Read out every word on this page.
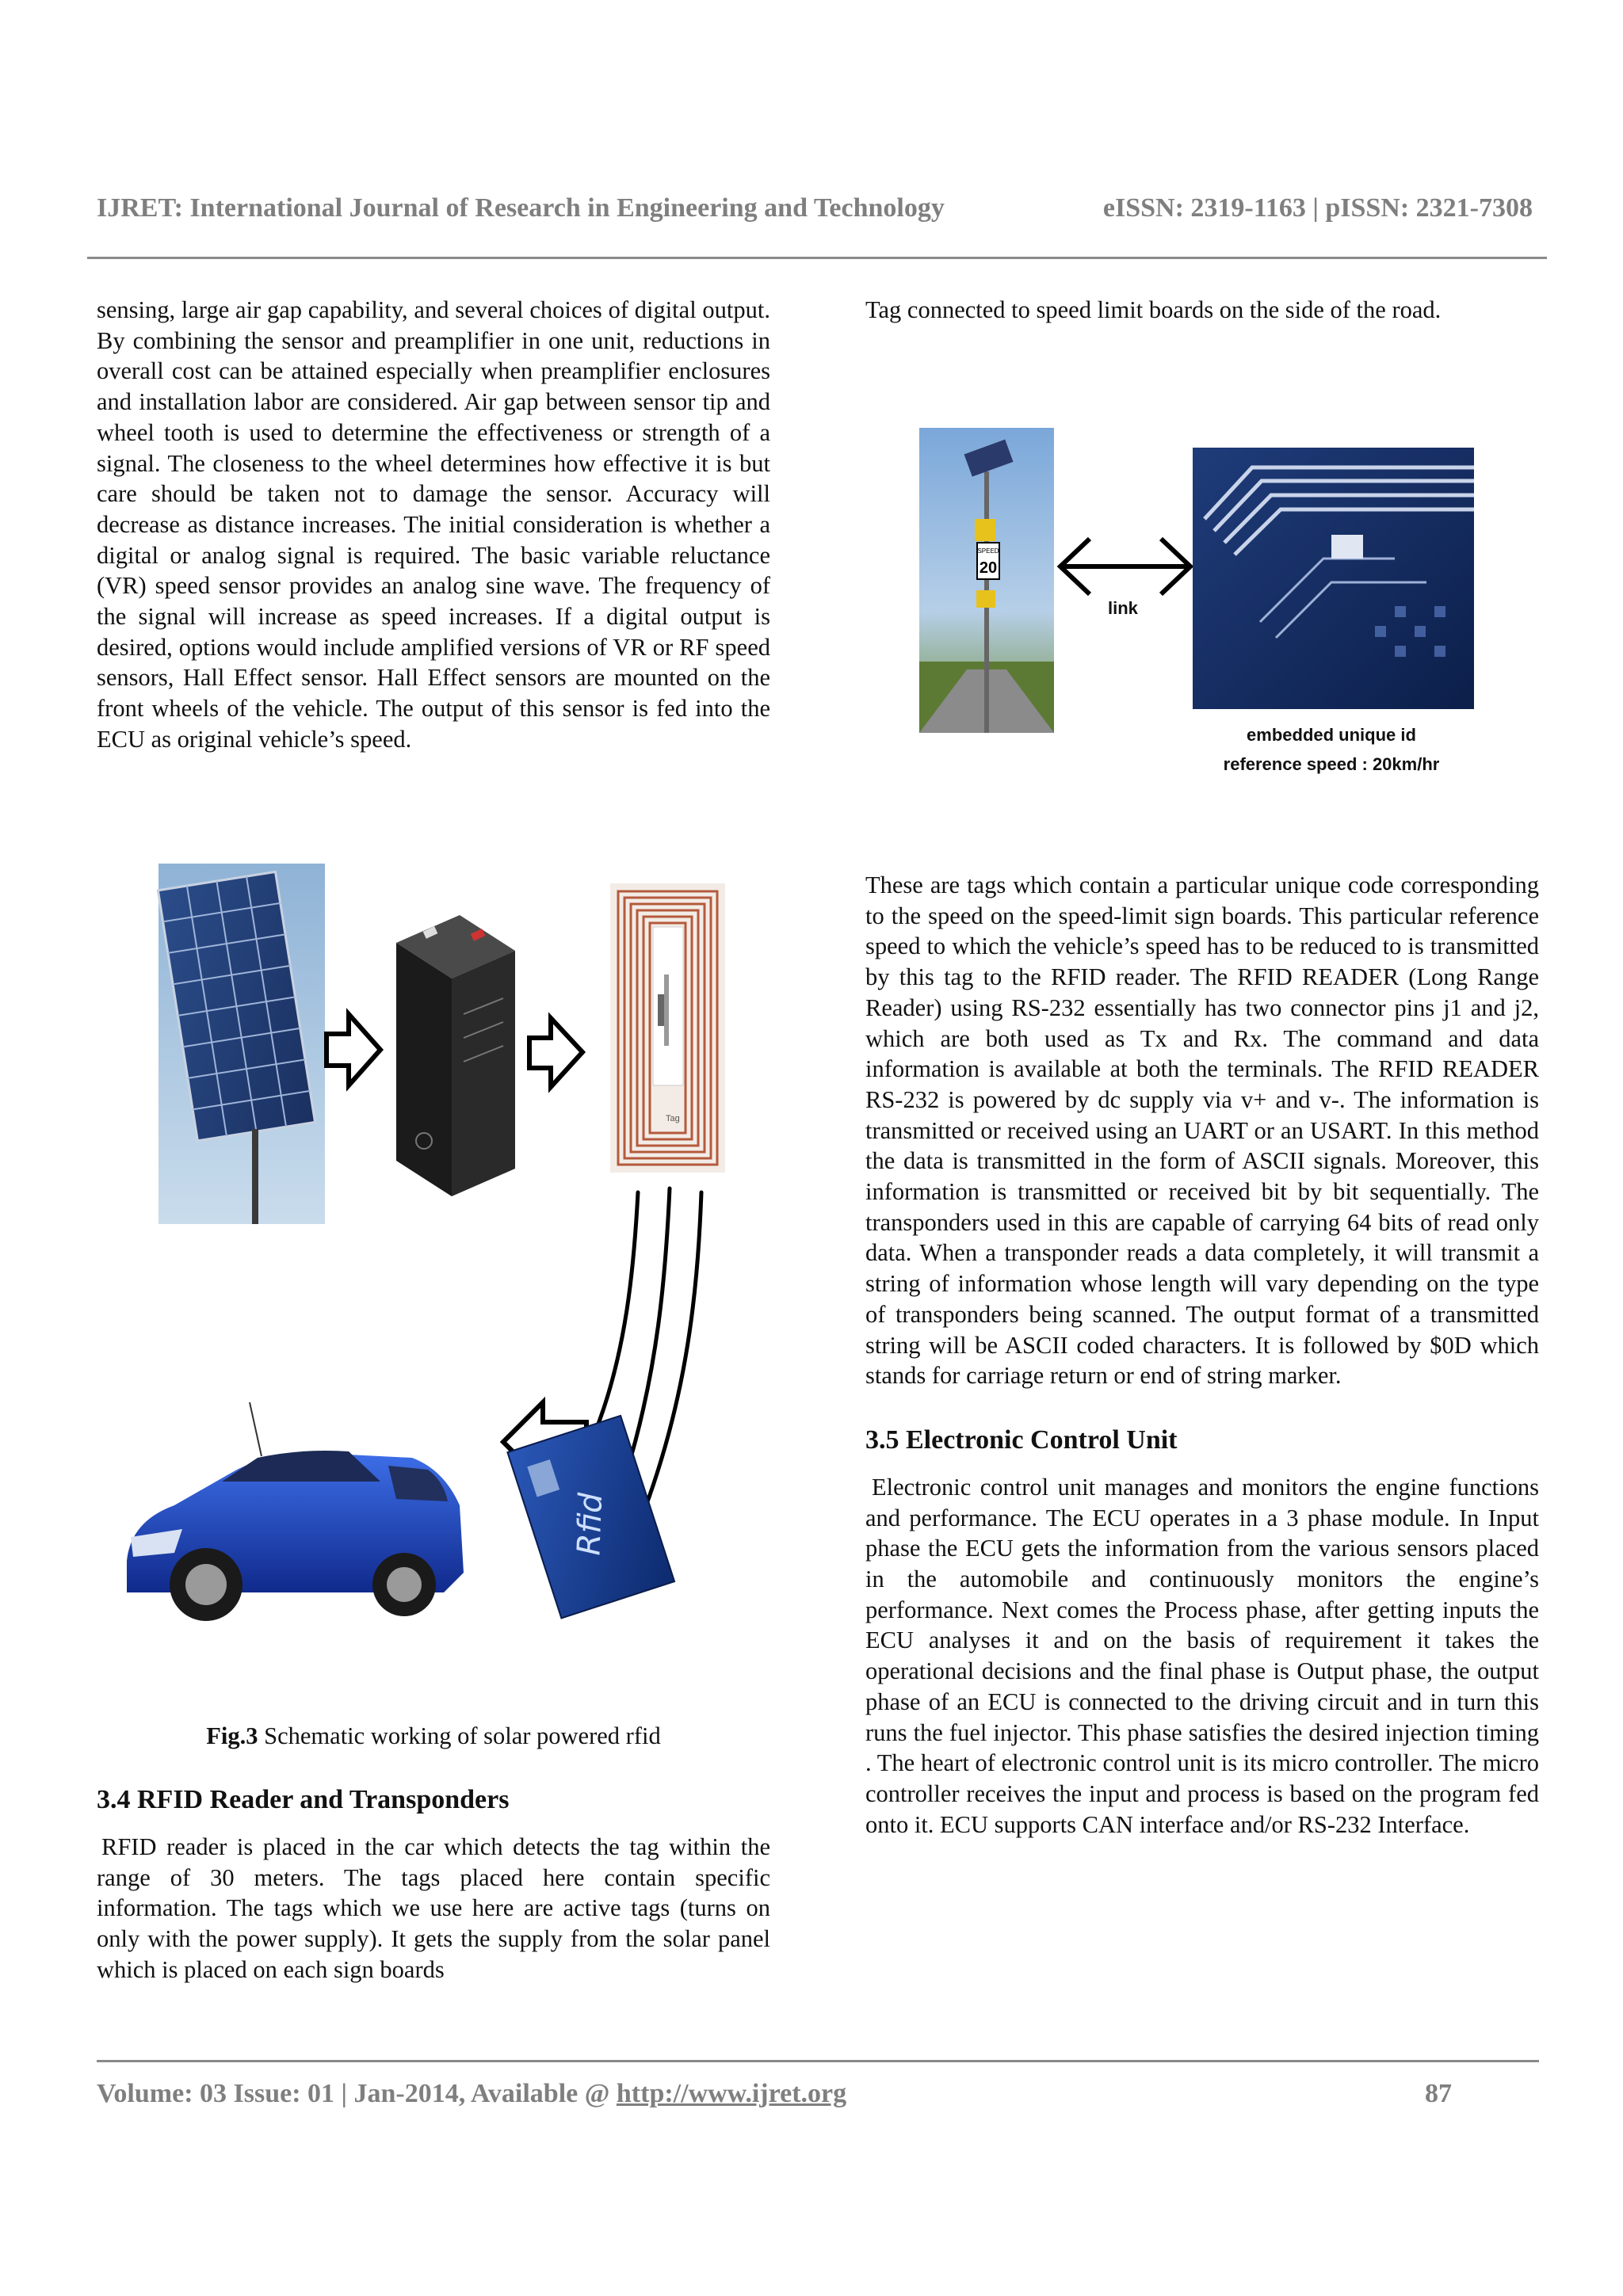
IJRET: International Journal of Research in Engineering and Technology	eISSN: 2319-1163 | pISSN: 2321-7308

sensing, large air gap capability, and several choices of digital output. By combining the sensor and preamplifier in one unit, reductions in overall cost can be attained especially when preamplifier enclosures and installation labor are considered. Air gap between sensor tip and wheel tooth is used to determine the effectiveness or strength of a signal. The closeness to the wheel determines how effective it is but care should be taken not to damage the sensor. Accuracy will decrease as distance increases. The initial consideration is whether a digital or analog signal is required. The basic variable reluctance (VR) speed sensor provides an analog sine wave. The frequency of the signal will increase as speed increases. If a digital output is desired, options would include amplified versions of VR or RF speed sensors, Hall Effect sensor. Hall Effect sensors are mounted on the front wheels of the vehicle. The output of this sensor is fed into the ECU as original vehicle’s speed.

Tag
Rfid
Fig.3 Schematic working of solar powered rfid
3.4 RFID Reader and Transponders

RFID reader is placed in the car which detects the tag within the range of 30 meters. The tags placed here contain specific information. The tags which we use here are active tags (turns on only with the power supply). It gets the supply from the solar panel which is placed on each sign boards

Tag connected to speed limit boards on the side of the road.

SPEED
20
link
embedded unique id
reference speed : 20km/hr

These are tags which contain a particular unique code corresponding to the speed on the speed-limit sign boards. This particular reference speed to which the vehicle’s speed has to be reduced to is transmitted by this tag to the RFID reader. The RFID READER (Long Range Reader) using RS-232 essentially has two connector pins j1 and j2, which are both used as Tx and Rx. The command and data information is available at both the terminals. The RFID READER RS-232 is powered by dc supply via v+ and v-. The information is transmitted or received using an UART or an USART. In this method the data is transmitted in the form of ASCII signals. Moreover, this information is transmitted or received bit by bit sequentially. The transponders used in this are capable of carrying 64 bits of read only data. When a transponder reads a data completely, it will transmit a string of information whose length will vary depending on the type of transponders being scanned. The output format of a transmitted string will be ASCII coded characters. It is followed by $0D which stands for carriage return or end of string marker.

3.5 Electronic Control Unit

Electronic control unit manages and monitors the engine functions and performance. The ECU operates in a 3 phase module. In Input phase the ECU gets the information from the various sensors placed in the automobile and continuously monitors the engine’s performance. Next comes the Process phase, after getting inputs the ECU analyses it and on the basis of requirement it takes the operational decisions and the final phase is Output phase, the output phase of an ECU is connected to the driving circuit and in turn this runs the fuel injector. This phase satisfies the desired injection timing . The heart of electronic control unit is its micro controller. The micro controller receives the input and process is based on the program fed onto it. ECU supports CAN interface and/or RS-232 Interface.

Volume: 03 Issue: 01 | Jan-2014, Available @ http://www.ijret.org	87
